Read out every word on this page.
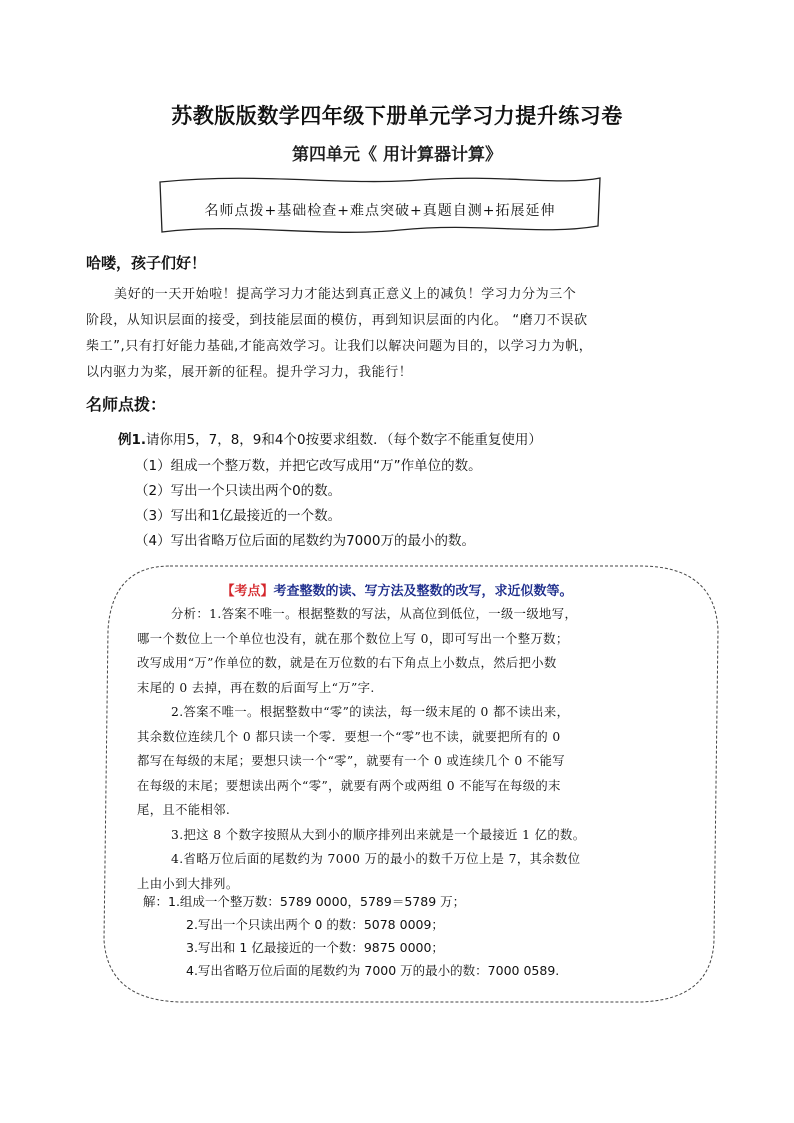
苏教版版数学四年级下册单元学习力提升练习卷
第四单元《 用计算器计算》
名师点拨+基础检查+难点突破+真题自测+拓展延伸
哈喽，孩子们好！

美好的一天开始啦！提高学习力才能达到真正意义上的减负！学习力分为三个

阶段，从知识层面的接受，到技能层面的模仿，再到知识层面的内化。 “磨刀不误砍

柴工”,只有打好能力基础,才能高效学习。让我们以解决问题为目的，以学习力为帆，

以内驱力为桨，展开新的征程。提升学习力，我能行！

名师点拨：
例1.请你用5，7，8，9和4个0按要求组数．（每个数字不能重复使用）
（1）组成一个整万数，并把它改写成用“万”作单位的数。
（2）写出一个只读出两个0的数。
（3）写出和1亿最接近的一个数。
（4）写出省略万位后面的尾数约为7000万的最小的数。
【考点】考查整数的读、写方法及整数的改写，求近似数等。

分析：1.答案不唯一。根据整数的写法，从高位到低位，一级一级地写，

哪一个数位上一个单位也没有，就在那个数位上写 0，即可写出一个整万数；

改写成用“万”作单位的数，就是在万位数的右下角点上小数点，然后把小数

末尾的 0 去掉，再在数的后面写上“万”字.

2.答案不唯一。根据整数中“零”的读法，每一级末尾的 0 都不读出来，

其余数位连续几个 0 都只读一个零．要想一个“零”也不读，就要把所有的 0

都写在每级的末尾；要想只读一个“零”，就要有一个 0 或连续几个 0 不能写

在每级的末尾；要想读出两个“零”，就要有两个或两组 0 不能写在每级的末

尾，且不能相邻.

3.把这 8 个数字按照从大到小的顺序排列出来就是一个最接近 1 亿的数。

4.省略万位后面的尾数约为 7000 万的最小的数千万位上是 7，其余数位

上由小到大排列。

解：1.组成一个整万数：5789 0000，5789＝5789 万；
2.写出一个只读出两个 0 的数：5078 0009；
3.写出和 1 亿最接近的一个数：9875 0000；
4.写出省略万位后面的尾数约为 7000 万的最小的数：7000 0589.
